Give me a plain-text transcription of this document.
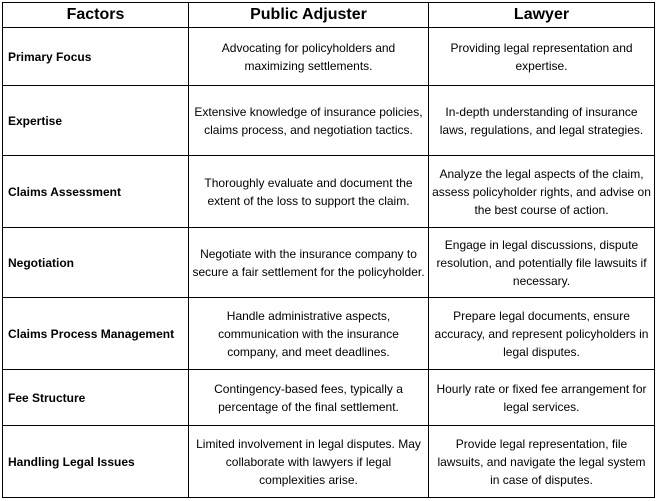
Factors	Public Adjuster	Lawyer
Primary Focus	Advocating for policyholders and maximizing settlements.	Providing legal representation and expertise.
Expertise	Extensive knowledge of insurance policies, claims process, and negotiation tactics.	In-depth understanding of insurance laws, regulations, and legal strategies.
Claims Assessment	Thoroughly evaluate and document the extent of the loss to support the claim.	Analyze the legal aspects of the claim, assess policyholder rights, and advise on the best course of action.
Negotiation	Negotiate with the insurance company to secure a fair settlement for the policyholder.	Engage in legal discussions, dispute resolution, and potentially file lawsuits if necessary.
Claims Process Management	Handle administrative aspects, communication with the insurance company, and meet deadlines.	Prepare legal documents, ensure accuracy, and represent policyholders in legal disputes.
Fee Structure	Contingency-based fees, typically a percentage of the final settlement.	Hourly rate or fixed fee arrangement for legal services.
Handling Legal Issues	Limited involvement in legal disputes. May collaborate with lawyers if legal complexities arise.	Provide legal representation, file lawsuits, and navigate the legal system in case of disputes.
